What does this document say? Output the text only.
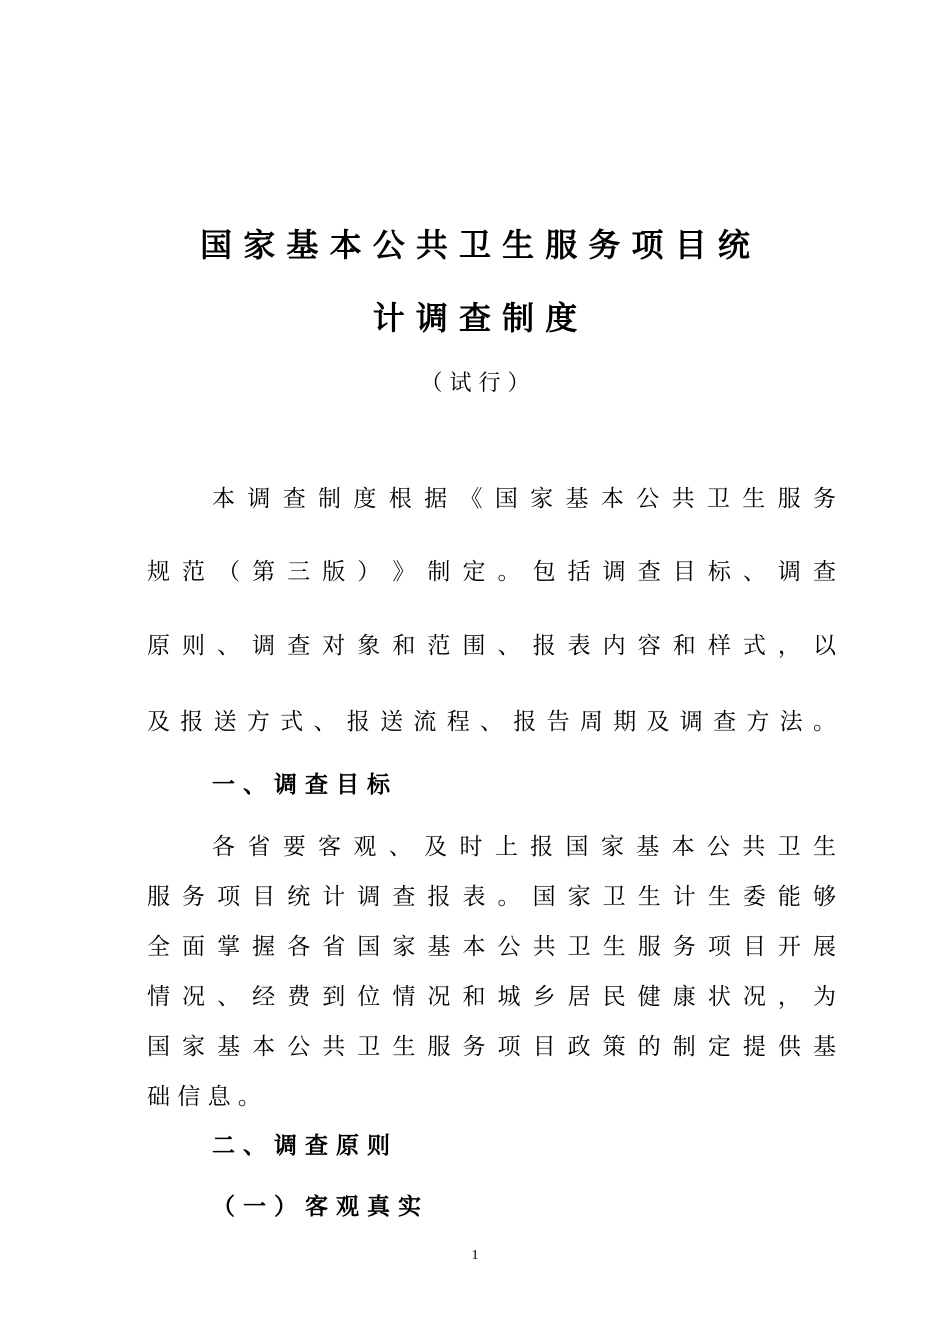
国 家 基 本 公 共 卫 生 服 务 项 目 统
计 调 查 制 度
（ 试 行 ）
本 调 查 制 度 根 据 《 国 家 基 本 公 共 卫 生 服 务
规 范 （ 第 三 版 ） 》 制 定 。 包 括 调 查 目 标 、 调 查
原 则 、 调 查 对 象 和 范 围 、 报 表 内 容 和 样 式 ， 以
及 报 送 方 式 、 报 送 流 程 、 报 告 周 期 及 调 查 方 法 。
一 、 调 查 目 标
各 省 要 客 观 、 及 时 上 报 国 家 基 本 公 共 卫 生
服 务 项 目 统 计 调 查 报 表 。 国 家 卫 生 计 生 委 能 够
全 面 掌 握 各 省 国 家 基 本 公 共 卫 生 服 务 项 目 开 展
情 况 、 经 费 到 位 情 况 和 城 乡 居 民 健 康 状 况 ， 为
国 家 基 本 公 共 卫 生 服 务 项 目 政 策 的 制 定 提 供 基
础 信 息 。
二 、 调 查 原 则
（ 一 ） 客 观 真 实
1
